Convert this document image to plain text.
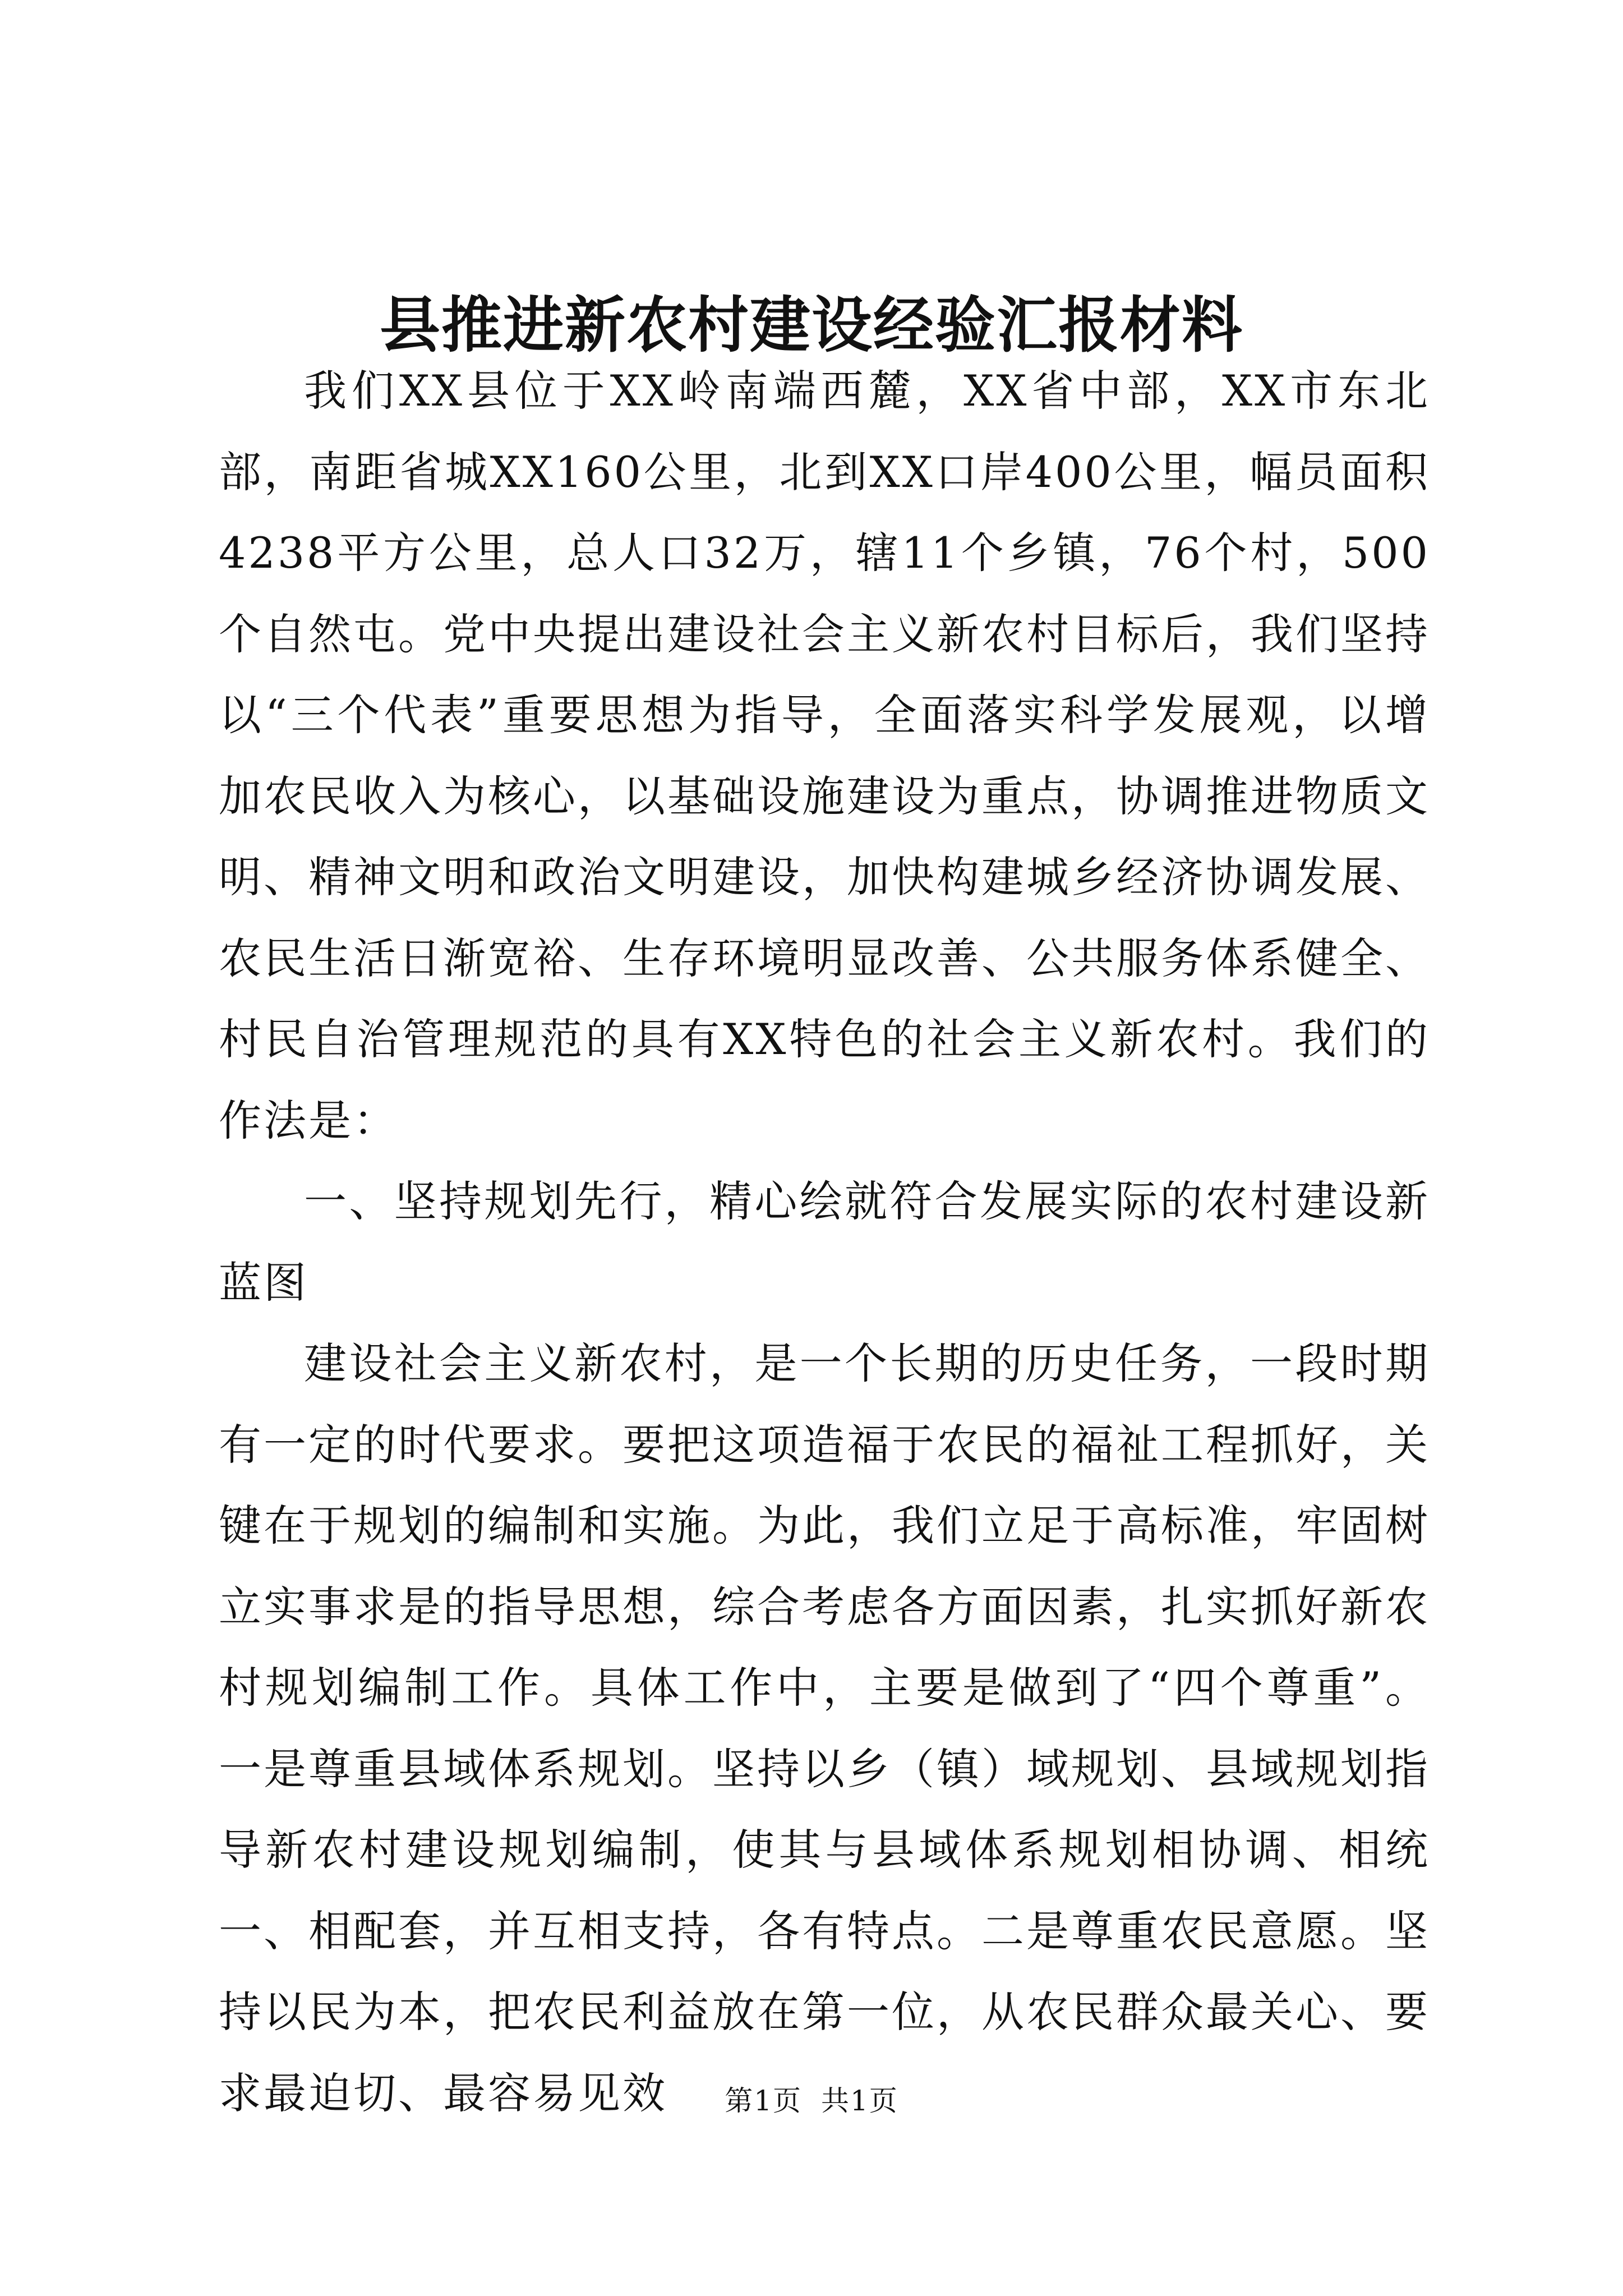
县推进新农村建设经验汇报材料

我们XX县位于XX岭南端西麓，XX省中部，XX市东北部，南距省城XX160公里，北到XX口岸400公里，幅员面积4238平方公里，总人口32万，辖11个乡镇，76个村，500个自然屯。党中央提出建设社会主义新农村目标后，我们坚持以“三个代表”重要思想为指导，全面落实科学发展观，以增加农民收入为核心，以基础设施建设为重点，协调推进物质文明、精神文明和政治文明建设，加快构建城乡经济协调发展、农民生活日渐宽裕、生存环境明显改善、公共服务体系健全、村民自治管理规范的具有XX特色的社会主义新农村。我们的作法是：

一、坚持规划先行，精心绘就符合发展实际的农村建设新蓝图

建设社会主义新农村，是一个长期的历史任务，一段时期有一定的时代要求。要把这项造福于农民的福祉工程抓好，关键在于规划的编制和实施。为此，我们立足于高标准，牢固树立实事求是的指导思想，综合考虑各方面因素，扎实抓好新农村规划编制工作。具体工作中，主要是做到了“四个尊重”。一是尊重县域体系规划。坚持以乡（镇）域规划、县域规划指导新农村建设规划编制，使其与县域体系规划相协调、相统一、相配套，并互相支持，各有特点。二是尊重农民意愿。坚持以民为本，把农民利益放在第一位，从农民群众最关心、要求最迫切、最容易见效	第1页 共1页
